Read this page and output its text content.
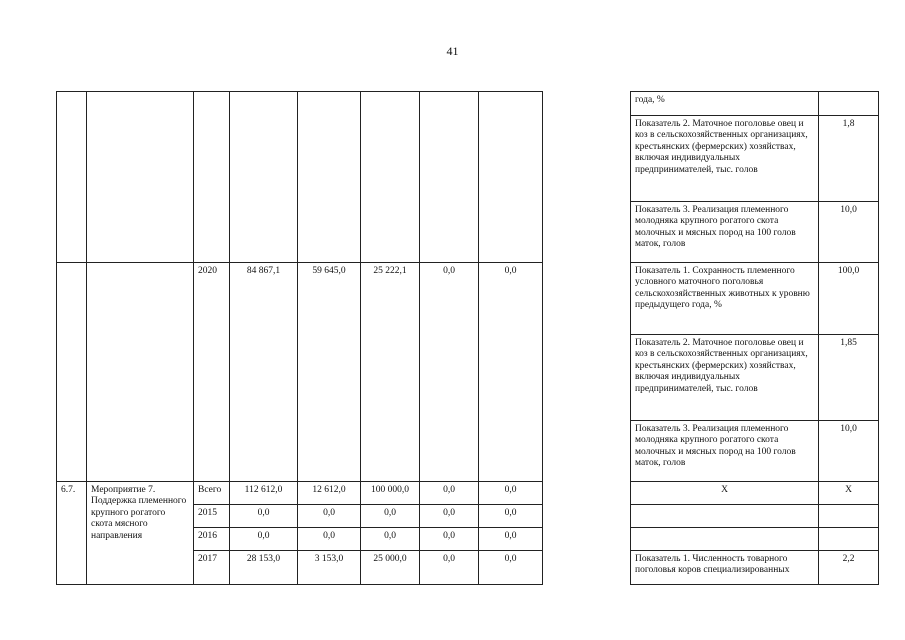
41
									года, %	
									Показатель 2. Маточное поголовье овец и коз в сельскохозяйственных организациях, крестьянских (фермерских) хозяйствах, включая индивидуальных предпринимателей, тыс. голов	1,8
									Показатель 3. Реализация племенного молодняка крупного рогатого скота молочных и мясных пород на 100 голов маток, голов	10,0
		2020	84 867,1	59 645,0	25 222,1	0,0	0,0		Показатель 1. Сохранность племенного условного маточного поголовья сельскохозяйственных животных к уровню предыдущего года, %	100,0
									Показатель 2. Маточное поголовье овец и коз в сельскохозяйственных организациях, крестьянских (фермерских) хозяйствах, включая индивидуальных предпринимателей, тыс. голов	1,85
									Показатель 3. Реализация племенного молодняка крупного рогатого скота молочных и мясных пород на 100 голов маток, голов	10,0
6.7.	Мероприятие 7. Поддержка племенного крупного рогатого скота мясного направления	Всего	112 612,0	12 612,0	100 000,0	0,0	0,0		Х	Х
		2015	0,0	0,0	0,0	0,0	0,0			
		2016	0,0	0,0	0,0	0,0	0,0			
		2017	28 153,0	3 153,0	25 000,0	0,0	0,0		Показатель 1. Численность товарного поголовья коров специализированных	2,2
